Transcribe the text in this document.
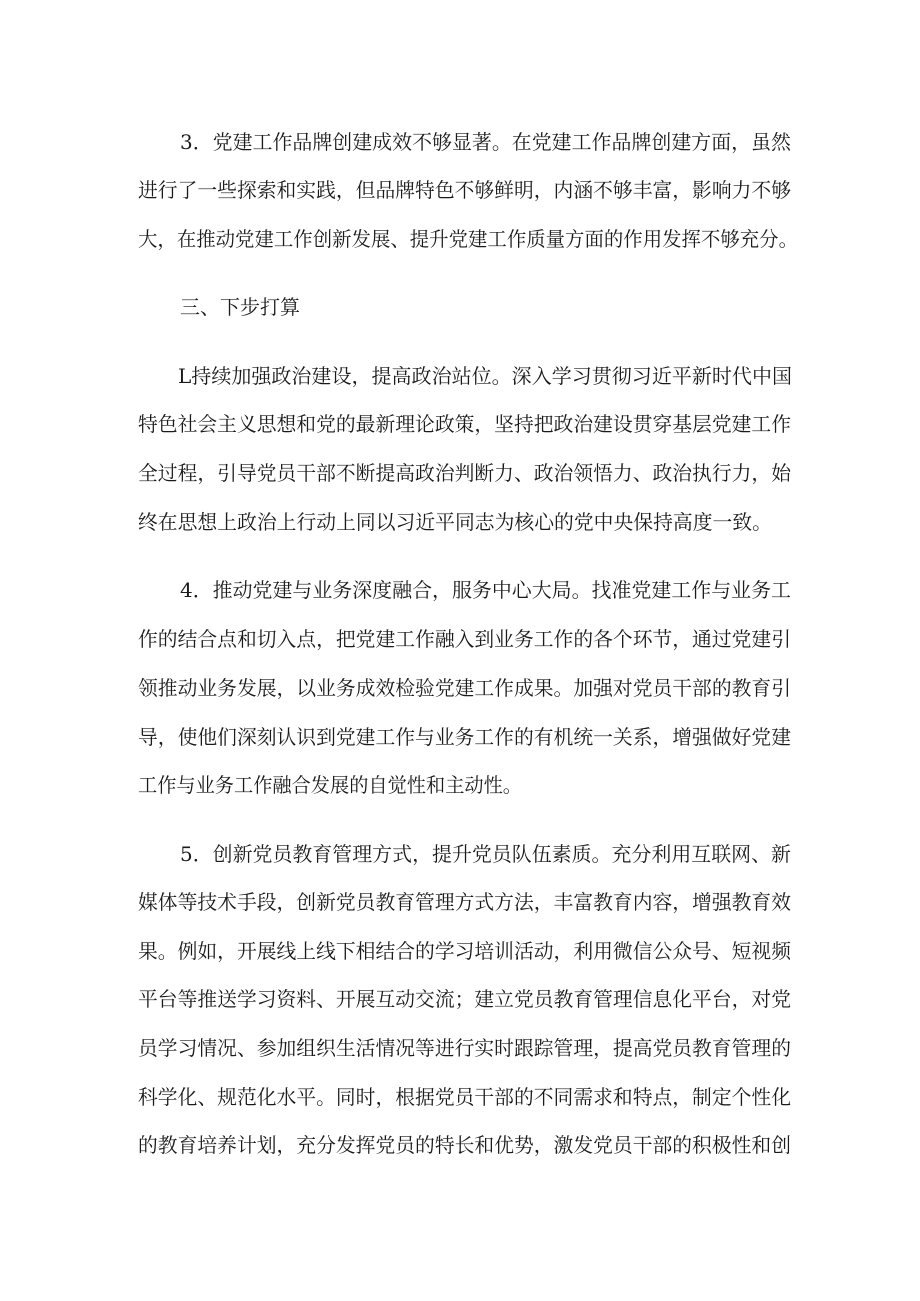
3．党建工作品牌创建成效不够显著。在党建工作品牌创建方面，虽然
进行了一些探索和实践，但品牌特色不够鲜明，内涵不够丰富，影响力不够
大，在推动党建工作创新发展、提升党建工作质量方面的作用发挥不够充分。
三、下步打算
L持续加强政治建设，提高政治站位。深入学习贯彻习近平新时代中国
特色社会主义思想和党的最新理论政策，坚持把政治建设贯穿基层党建工作
全过程，引导党员干部不断提高政治判断力、政治领悟力、政治执行力，始
终在思想上政治上行动上同以习近平同志为核心的党中央保持高度一致。
4．推动党建与业务深度融合，服务中心大局。找准党建工作与业务工
作的结合点和切入点，把党建工作融入到业务工作的各个环节，通过党建引
领推动业务发展，以业务成效检验党建工作成果。加强对党员干部的教育引
导，使他们深刻认识到党建工作与业务工作的有机统一关系，增强做好党建
工作与业务工作融合发展的自觉性和主动性。
5．创新党员教育管理方式，提升党员队伍素质。充分利用互联网、新
媒体等技术手段，创新党员教育管理方式方法，丰富教育内容，增强教育效
果。例如，开展线上线下相结合的学习培训活动，利用微信公众号、短视频
平台等推送学习资料、开展互动交流；建立党员教育管理信息化平台，对党
员学习情况、参加组织生活情况等进行实时跟踪管理，提高党员教育管理的
科学化、规范化水平。同时，根据党员干部的不同需求和特点，制定个性化
的教育培养计划，充分发挥党员的特长和优势，激发党员干部的积极性和创
